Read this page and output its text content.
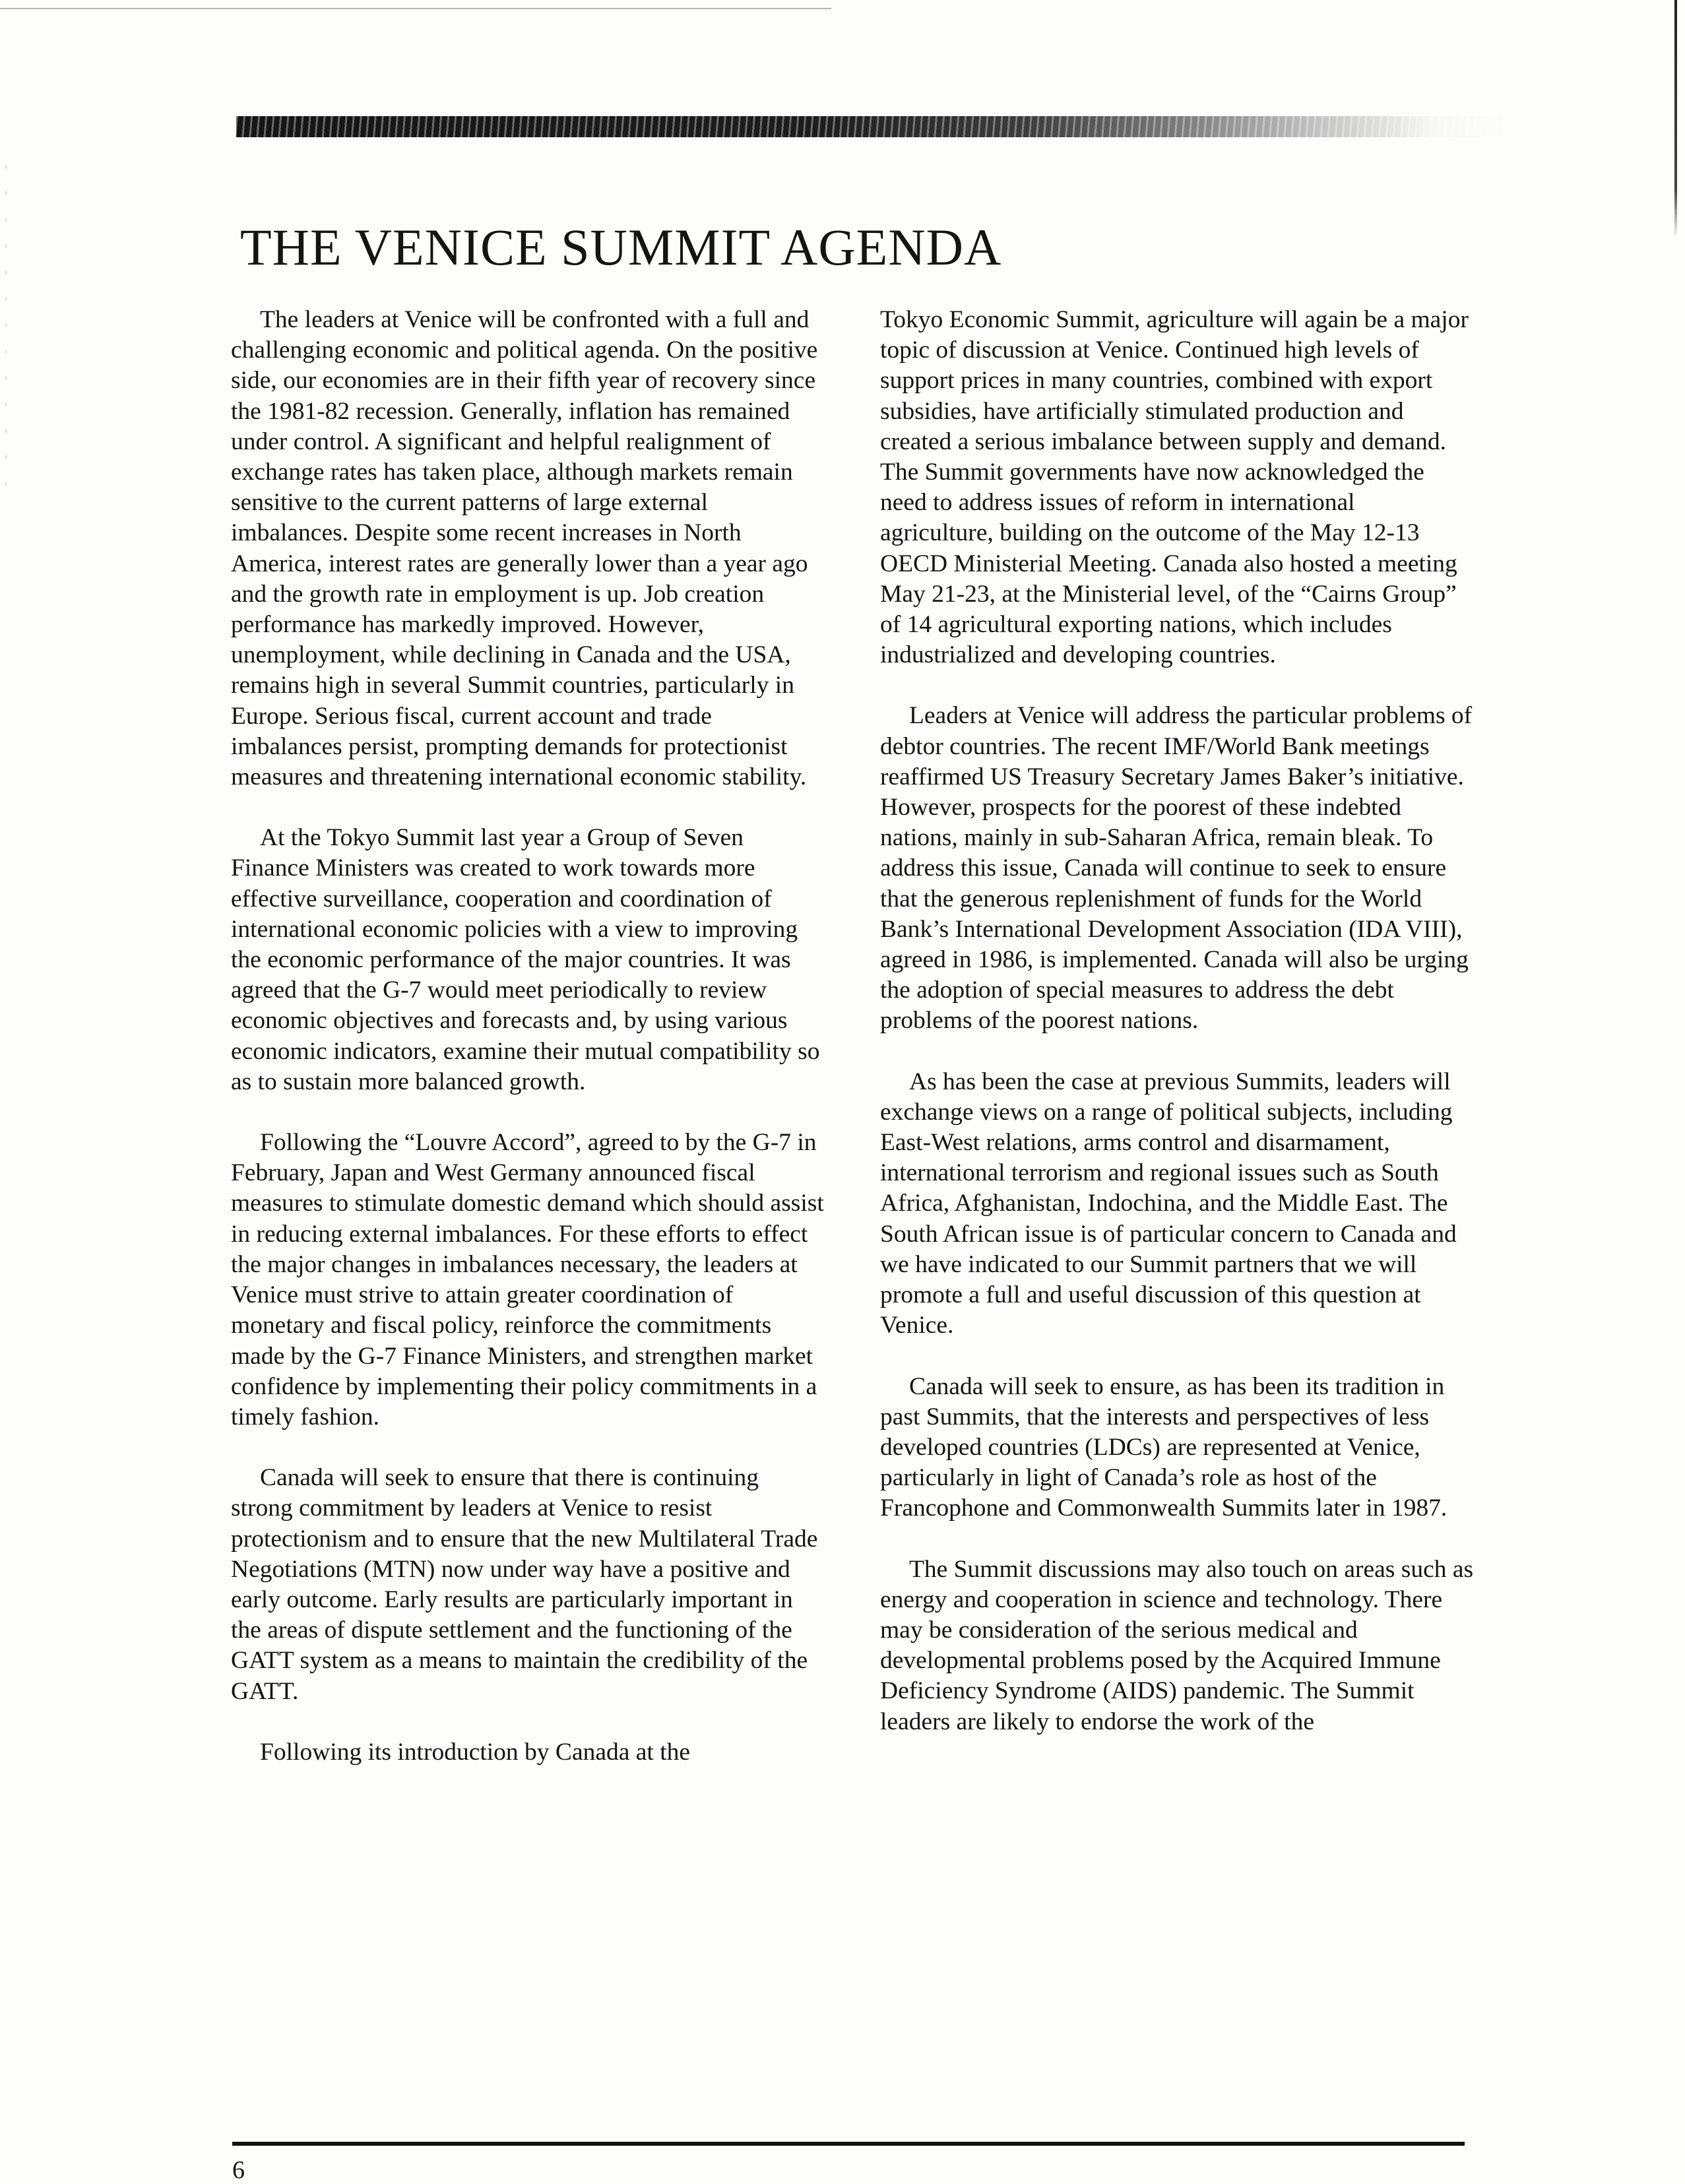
THE VENICE SUMMIT AGENDA

The leaders at Venice will be confronted with a full and challenging economic and political agenda. On the positive side, our economies are in their fifth year of recovery since the 1981-82 recession. Generally, inflation has remained under control. A significant and helpful realignment of exchange rates has taken place, although markets remain sensitive to the current patterns of large external imbalances. Despite some recent increases in North America, interest rates are generally lower than a year ago and the growth rate in employment is up. Job creation performance has markedly improved. However, unemployment, while declining in Canada and the USA, remains high in several Summit countries, particularly in Europe. Serious fiscal, current account and trade imbalances persist, prompting demands for protectionist measures and threatening international economic stability.

At the Tokyo Summit last year a Group of Seven Finance Ministers was created to work towards more effective surveillance, cooperation and coordination of international economic policies with a view to improving the economic performance of the major countries. It was agreed that the G-7 would meet periodically to review economic objectives and forecasts and, by using various economic indicators, examine their mutual compatibility so as to sustain more balanced growth.

Following the “Louvre Accord”, agreed to by the G-7 in February, Japan and West Germany announced fiscal measures to stimulate domestic demand which should assist in reducing external imbalances. For these efforts to effect the major changes in imbalances necessary, the leaders at Venice must strive to attain greater coordination of monetary and fiscal policy, reinforce the commitments made by the G-7 Finance Ministers, and strengthen market confidence by implementing their policy commitments in a timely fashion.

Canada will seek to ensure that there is continuing strong commitment by leaders at Venice to resist protectionism and to ensure that the new Multilateral Trade Negotiations (MTN) now under way have a positive and early outcome. Early results are particularly important in the areas of dispute settlement and the functioning of the GATT system as a means to maintain the credibility of the GATT.

Following its introduction by Canada at the

Tokyo Economic Summit, agriculture will again be a major topic of discussion at Venice. Continued high levels of support prices in many countries, combined with export subsidies, have artificially stimulated production and created a serious imbalance between supply and demand. The Summit governments have now acknowledged the need to address issues of reform in international agriculture, building on the outcome of the May 12-13 OECD Ministerial Meeting. Canada also hosted a meeting May 21-23, at the Ministerial level, of the “Cairns Group” of 14 agricultural exporting nations, which includes industrialized and developing countries.

Leaders at Venice will address the particular problems of debtor countries. The recent IMF/World Bank meetings reaffirmed US Treasury Secretary James Baker’s initiative. However, prospects for the poorest of these indebted nations, mainly in sub-Saharan Africa, remain bleak. To address this issue, Canada will continue to seek to ensure that the generous replenishment of funds for the World Bank’s International Development Association (IDA VIII), agreed in 1986, is implemented. Canada will also be urging the adoption of special measures to address the debt problems of the poorest nations.

As has been the case at previous Summits, leaders will exchange views on a range of political subjects, including East-West relations, arms control and disarmament, international terrorism and regional issues such as South Africa, Afghanistan, Indochina, and the Middle East. The South African issue is of particular concern to Canada and we have indicated to our Summit partners that we will promote a full and useful discussion of this question at Venice.

Canada will seek to ensure, as has been its tradition in past Summits, that the interests and perspectives of less developed countries (LDCs) are represented at Venice, particularly in light of Canada’s role as host of the Francophone and Commonwealth Summits later in 1987.

The Summit discussions may also touch on areas such as energy and cooperation in science and technology. There may be consideration of the serious medical and developmental problems posed by the Acquired Immune Deficiency Syndrome (AIDS) pandemic. The Summit leaders are likely to endorse the work of the

6
